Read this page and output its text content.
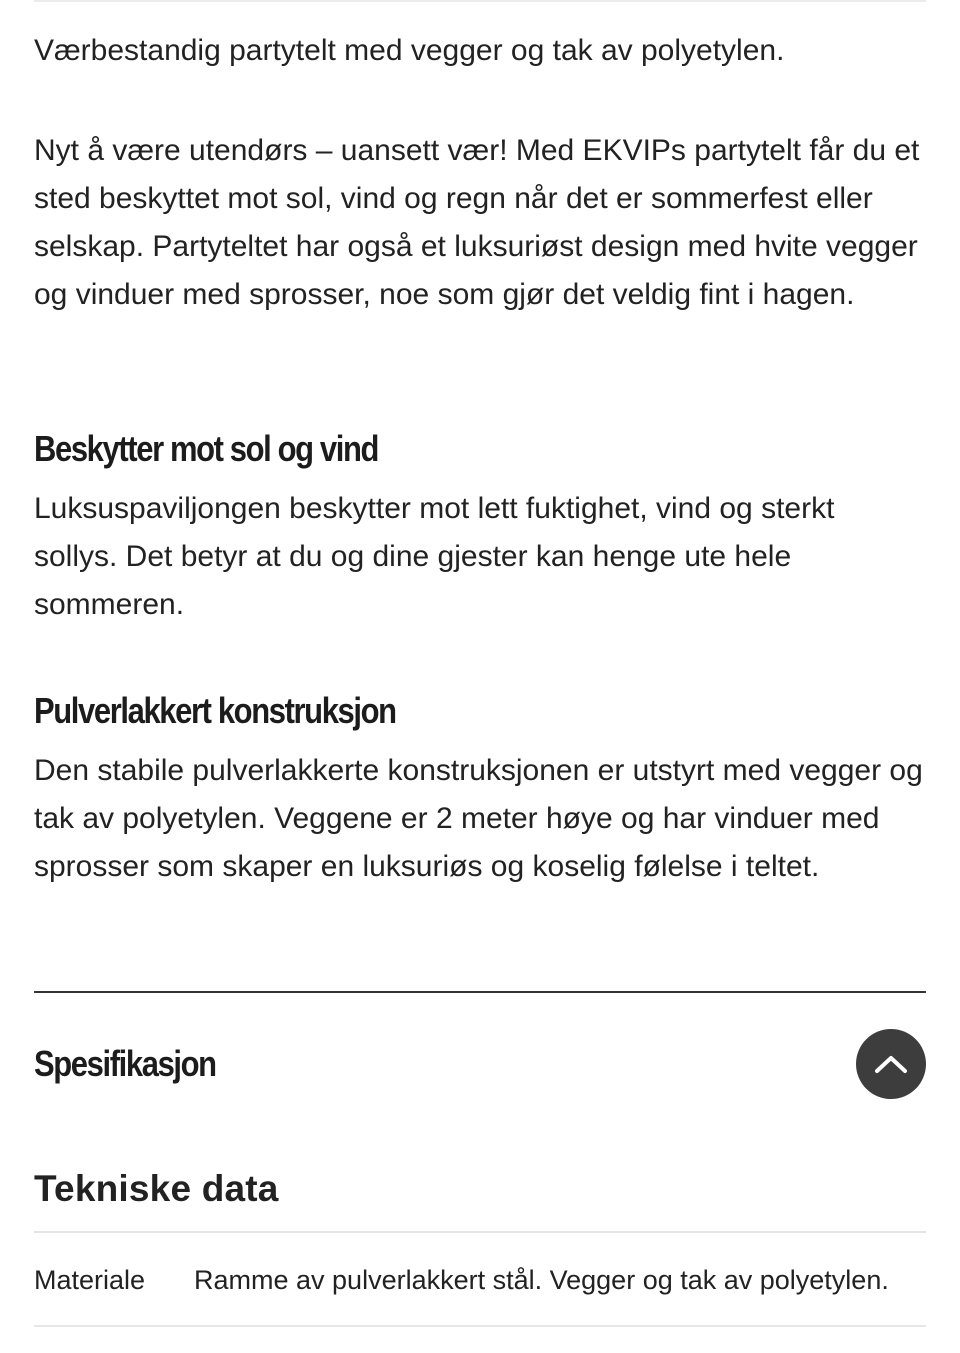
Værbestandig partytelt med vegger og tak av polyetylen.

Nyt å være utendørs – uansett vær! Med EKVIPs partytelt får du et sted beskyttet mot sol, vind og regn når det er sommerfest eller selskap. Partyteltet har også et luksuriøst design med hvite vegger og vinduer med sprosser, noe som gjør det veldig fint i hagen.

Beskytter mot sol og vind

Luksuspaviljongen beskytter mot lett fuktighet, vind og sterkt sollys. Det betyr at du og dine gjester kan henge ute hele sommeren.

Pulverlakkert konstruksjon

Den stabile pulverlakkerte konstruksjonen er utstyrt med vegger og tak av polyetylen. Veggene er 2 meter høye og har vinduer med sprosser som skaper en luksuriøs og koselig følelse i teltet.

Spesifikasjon
Tekniske data
Materiale	Ramme av pulverlakkert stål. Vegger og tak av polyetylen.
